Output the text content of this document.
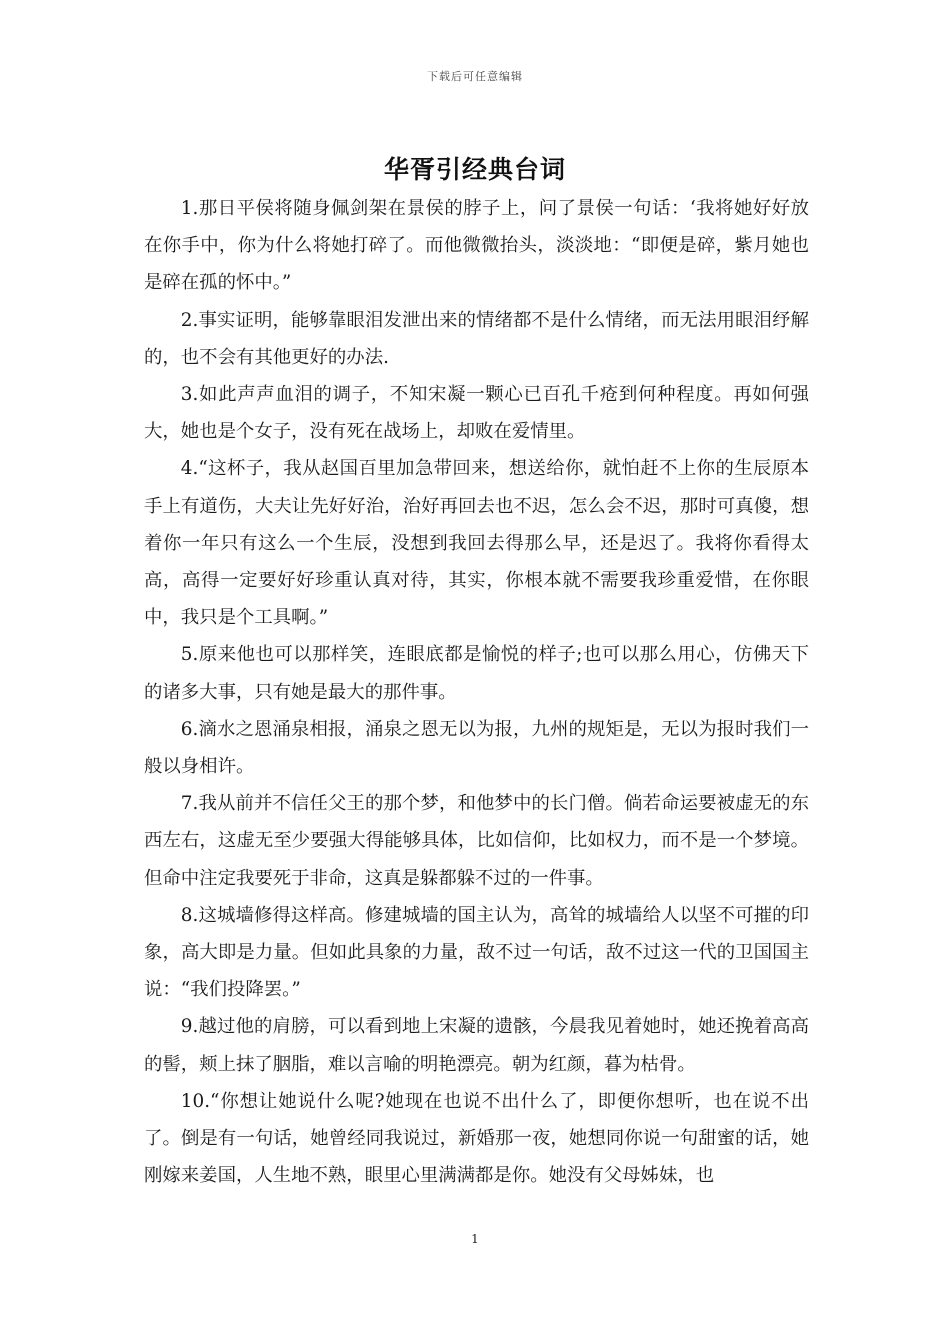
下载后可任意编辑
华胥引经典台词

1.那日平侯将随身佩剑架在景侯的脖子上，问了景侯一句话：‘我将她好好放在你手中，你为什么将她打碎了。而他微微抬头，淡淡地：“即便是碎，紫月她也是碎在孤的怀中。”

2.事实证明，能够靠眼泪发泄出来的情绪都不是什么情绪，而无法用眼泪纾解的，也不会有其他更好的办法.

3.如此声声血泪的调子，不知宋凝一颗心已百孔千疮到何种程度。再如何强大，她也是个女子，没有死在战场上，却败在爱情里。

4.“这杯子，我从赵国百里加急带回来，想送给你，就怕赶不上你的生辰原本手上有道伤，大夫让先好好治，治好再回去也不迟，怎么会不迟，那时可真傻，想着你一年只有这么一个生辰，没想到我回去得那么早，还是迟了。我将你看得太高，高得一定要好好珍重认真对待，其实，你根本就不需要我珍重爱惜，在你眼中，我只是个工具啊。”

5.原来他也可以那样笑，连眼底都是愉悦的样子;也可以那么用心，仿佛天下的诸多大事，只有她是最大的那件事。

6.滴水之恩涌泉相报，涌泉之恩无以为报，九州的规矩是，无以为报时我们一般以身相许。

7.我从前并不信任父王的那个梦，和他梦中的长门僧。倘若命运要被虚无的东西左右，这虚无至少要强大得能够具体，比如信仰，比如权力，而不是一个梦境。但命中注定我要死于非命，这真是躲都躲不过的一件事。

8.这城墙修得这样高。修建城墙的国主认为，高耸的城墙给人以坚不可摧的印象，高大即是力量。但如此具象的力量，敌不过一句话，敌不过这一代的卫国国主说：“我们投降罢。”

9.越过他的肩膀，可以看到地上宋凝的遗骸，今晨我见着她时，她还挽着高高的髻，颊上抹了胭脂，难以言喻的明艳漂亮。朝为红颜，暮为枯骨。

10.“你想让她说什么呢?她现在也说不出什么了，即便你想听，也在说不出了。倒是有一句话，她曾经同我说过，新婚那一夜，她想同你说一句甜蜜的话，她刚嫁来姜国，人生地不熟，眼里心里满满都是你。她没有父母姊妹，也

1
